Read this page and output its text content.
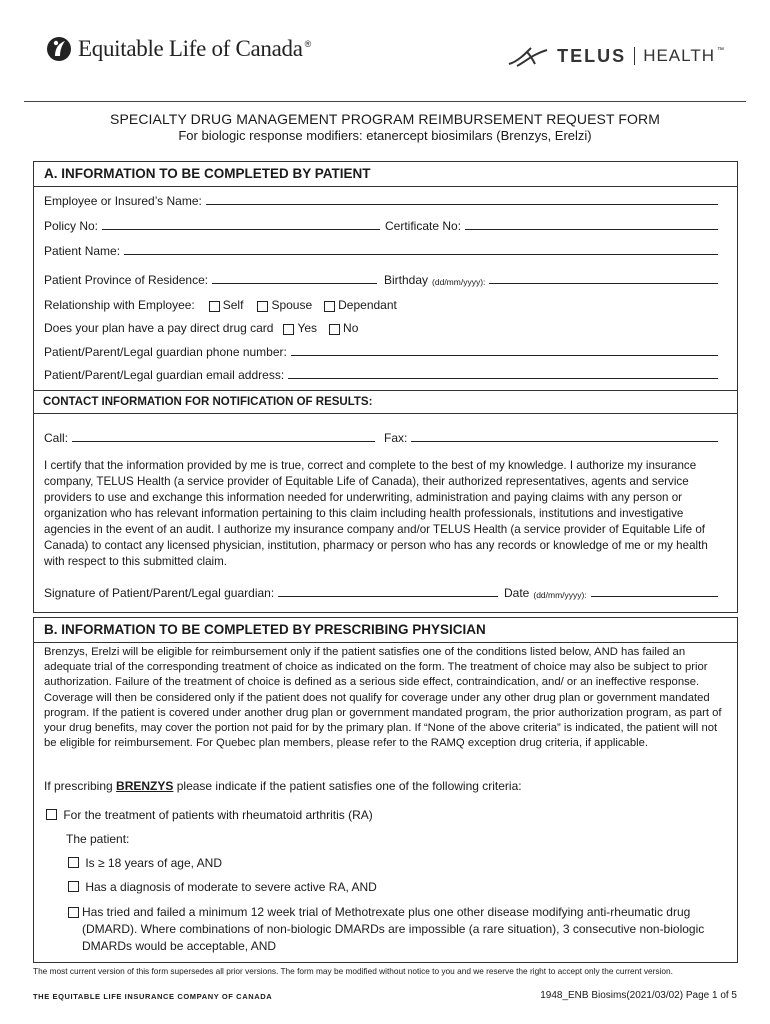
Equitable Life of Canada ®
TELUS HEALTH ™
SPECIALTY DRUG MANAGEMENT PROGRAM REIMBURSEMENT REQUEST FORM
For biologic response modifiers: etanercept biosimilars (Brenzys, Erelzi)
A. INFORMATION TO BE COMPLETED BY PATIENT
Employee or Insured’s Name:
Policy No:	Certificate No:
Patient Name:
Patient Province of Residence:	Birthday (dd/mm/yyyy):
Relationship with Employee: Self Spouse Dependant
Does your plan have a pay direct drug card Yes No
Patient/Parent/Legal guardian phone number:
Patient/Parent/Legal guardian email address:
CONTACT INFORMATION FOR NOTIFICATION OF RESULTS:
Call:	Fax:
I certify that the information provided by me is true, correct and complete to the best of my knowledge. I authorize my insurance company, TELUS Health (a service provider of Equitable Life of Canada), their authorized representatives, agents and service providers to use and exchange this information needed for underwriting, administration and paying claims with any person or organization who has relevant information pertaining to this claim including health professionals, institutions and investigative agencies in the event of an audit. I authorize my insurance company and/or TELUS Health (a service provider of Equitable Life of Canada) to contact any licensed physician, institution, pharmacy or person who has any records or knowledge of me or my health with respect to this submitted claim.
Signature of Patient/Parent/Legal guardian:	Date (dd/mm/yyyy):
B. INFORMATION TO BE COMPLETED BY PRESCRIBING PHYSICIAN
Brenzys, Erelzi will be eligible for reimbursement only if the patient satisfies one of the conditions listed below, AND has failed an adequate trial of the corresponding treatment of choice as indicated on the form. The treatment of choice may also be subject to prior authorization. Failure of the treatment of choice is defined as a serious side effect, contraindication, and/ or an ineffective response. Coverage will then be considered only if the patient does not qualify for coverage under any other drug plan or government mandated program. If the patient is covered under another drug plan or government mandated program, the prior authorization program, as part of your drug benefits, may cover the portion not paid for by the primary plan. If “None of the above criteria” is indicated, the patient will not be eligible for reimbursement. For Quebec plan members, please refer to the RAMQ exception drug criteria, if applicable.
If prescribing BRENZYS please indicate if the patient satisfies one of the following criteria:
For the treatment of patients with rheumatoid arthritis (RA)
The patient:
Is ≥ 18 years of age, AND
Has a diagnosis of moderate to severe active RA, AND
Has tried and failed a minimum 12 week trial of Methotrexate plus one other disease modifying anti-rheumatic drug (DMARD). Where combinations of non-biologic DMARDs are impossible (a rare situation), 3 consecutive non-biologic DMARDs would be acceptable, AND
The most current version of this form supersedes all prior versions. The form may be modified without notice to you and we reserve the right to accept only the current version.
THE EQUITABLE LIFE INSURANCE COMPANY OF CANADA	1948_ENB Biosims(2021/03/02) Page 1 of 5
